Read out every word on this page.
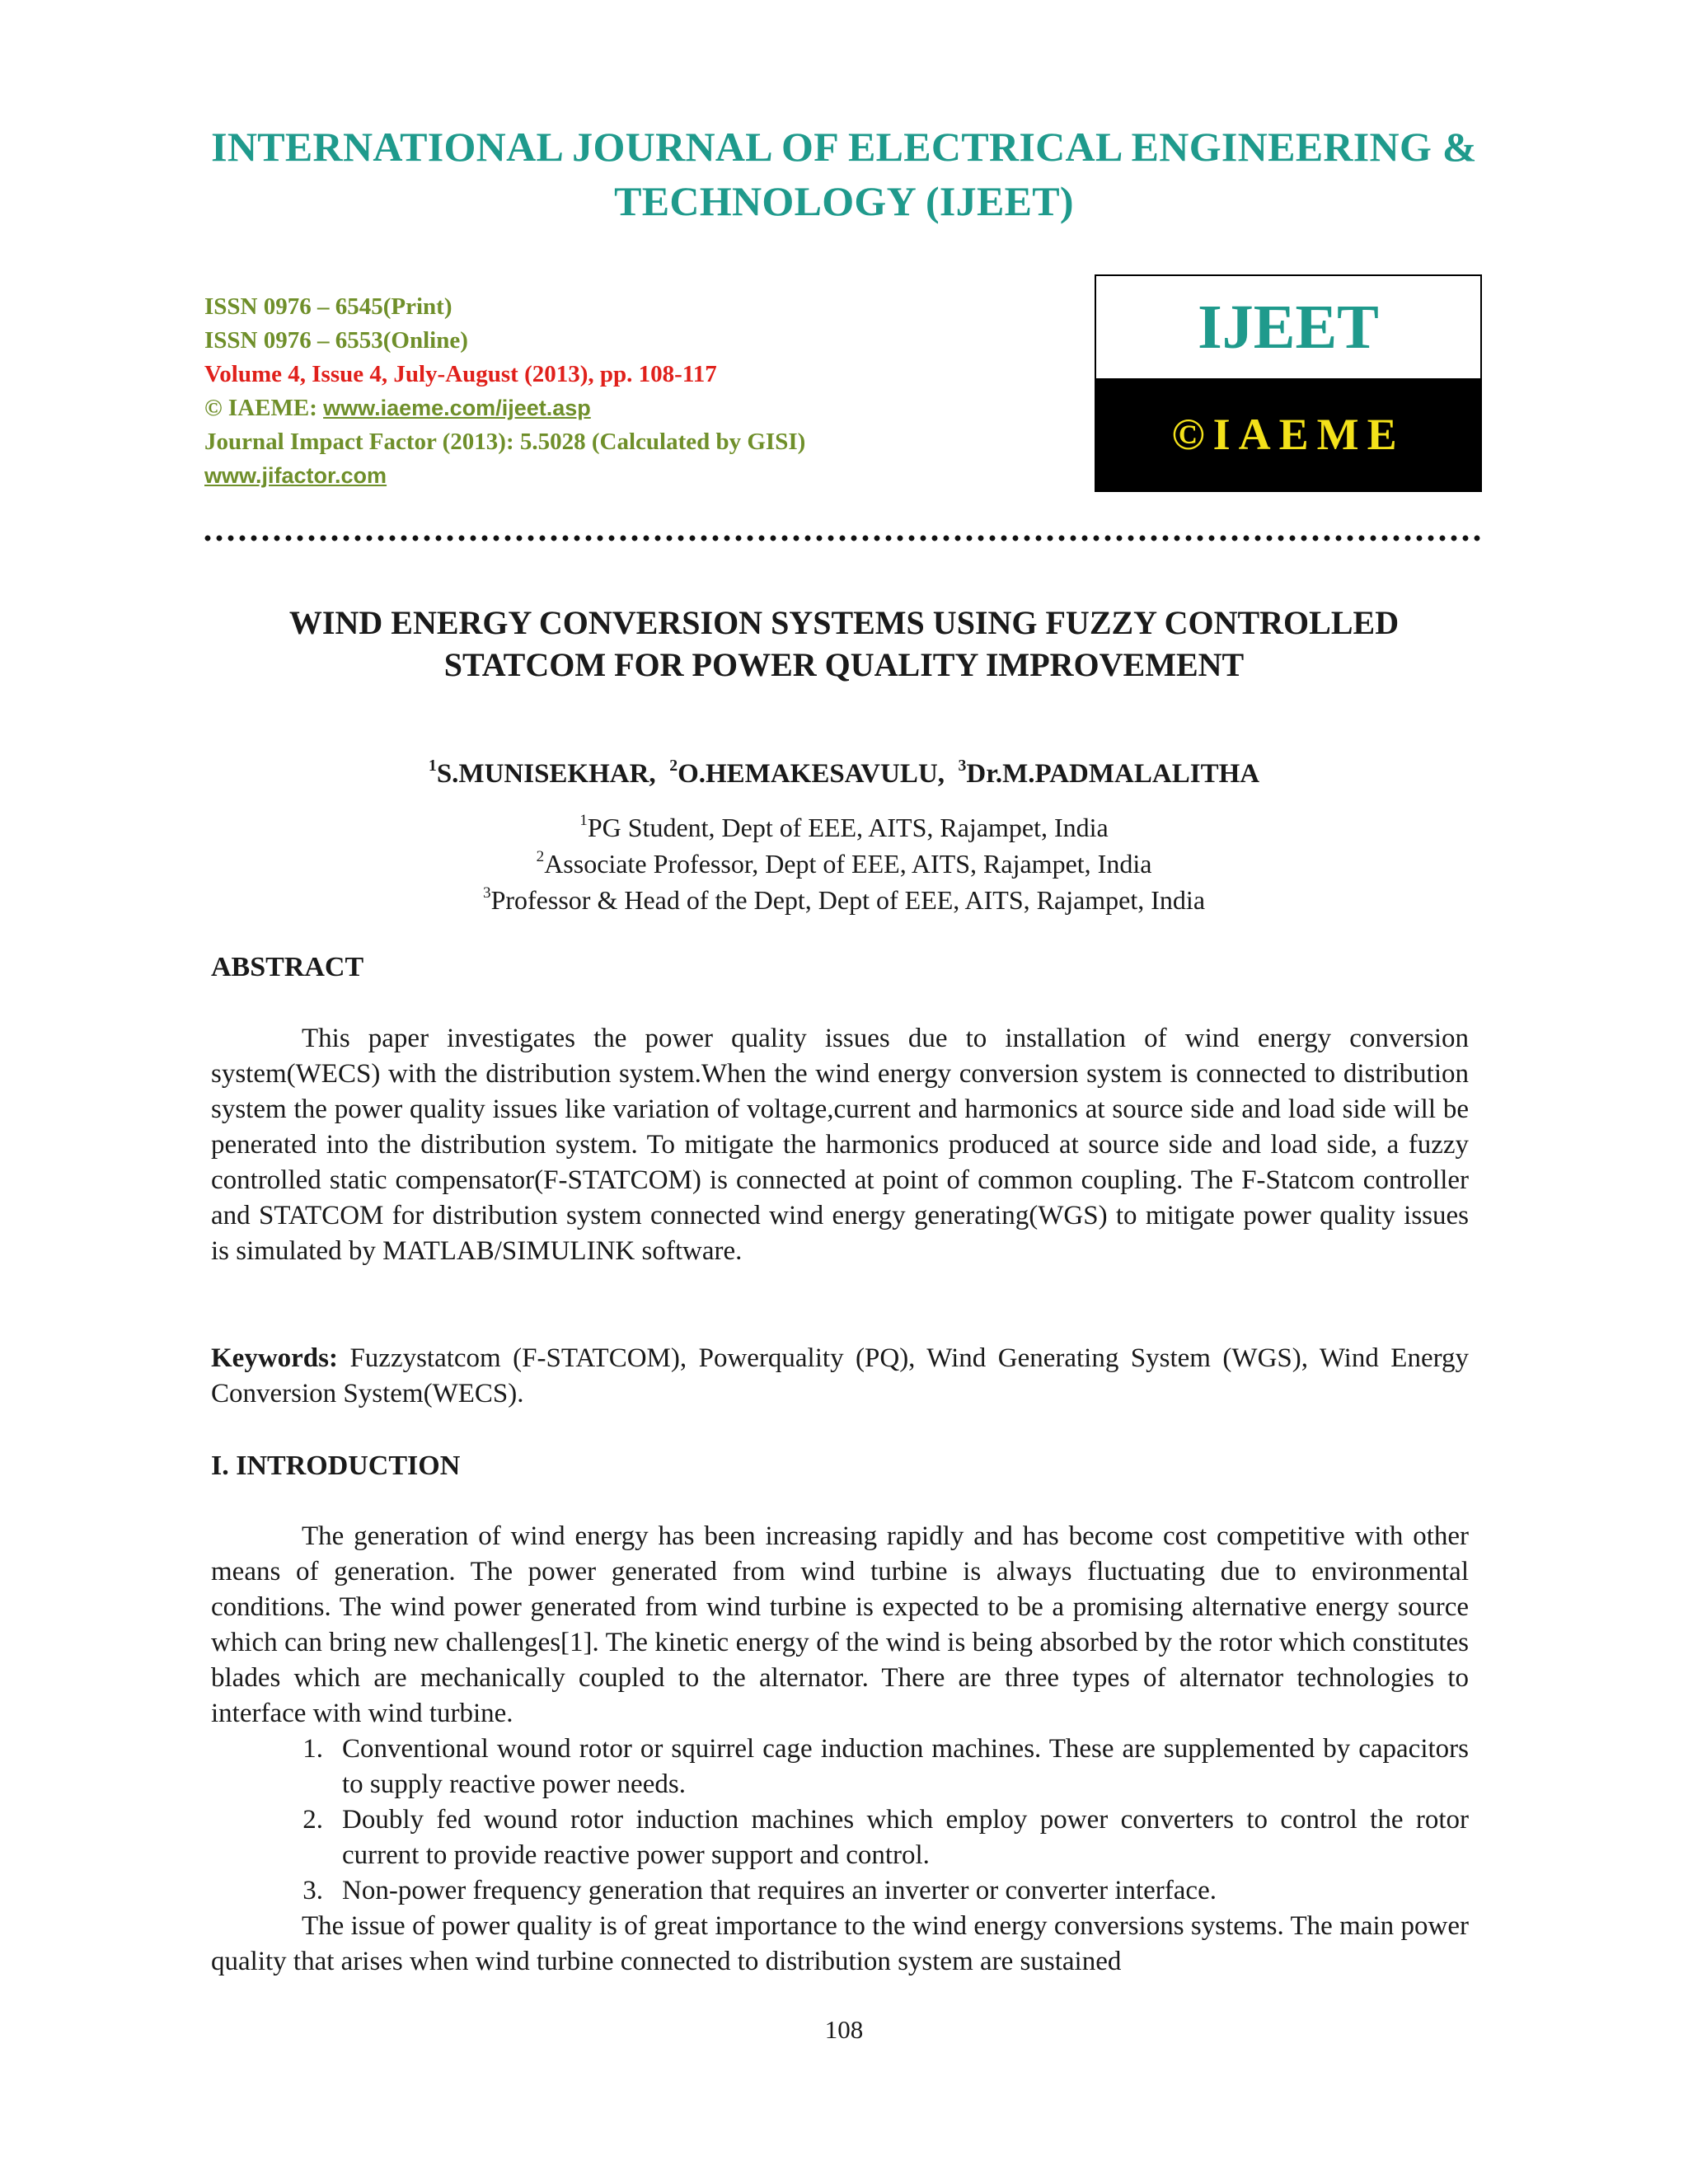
INTERNATIONAL JOURNAL OF ELECTRICAL ENGINEERING &
TECHNOLOGY (IJEET)
ISSN 0976 – 6545(Print)
ISSN 0976 – 6553(Online)
Volume 4, Issue 4, July-August (2013), pp. 108-117
© IAEME: www.iaeme.com/ijeet.asp
Journal Impact Factor (2013): 5.5028 (Calculated by GISI)
www.jifactor.com
IJEET
©IAEME
WIND ENERGY CONVERSION SYSTEMS USING FUZZY CONTROLLED
STATCOM FOR POWER QUALITY IMPROVEMENT
$^1$S.MUNISEKHAR, $^2$O.HEMAKESAVULU, $^3$Dr.M.PADMALALITHA
$^1$PG Student, Dept of EEE, AITS, Rajampet, India
$^2$Associate Professor, Dept of EEE, AITS, Rajampet, India
$^3$Professor & Head of the Dept, Dept of EEE, AITS, Rajampet, India
ABSTRACT

This paper investigates the power quality issues due to installation of wind energy conversion system(WECS) with the distribution system.When the wind energy conversion system is connected to distribution system the power quality issues like variation of voltage,current and harmonics at source side and load side will be penerated into the distribution system. To mitigate the harmonics produced at source side and load side, a fuzzy controlled static compensator(F-STATCOM) is connected at point of common coupling. The F-Statcom controller and STATCOM for distribution system connected wind energy generating(WGS) to mitigate power quality issues is simulated by MATLAB/SIMULINK software.

Keywords: Fuzzystatcom (F-STATCOM), Powerquality (PQ), Wind Generating System (WGS), Wind Energy Conversion System(WECS).

I. INTRODUCTION

The generation of wind energy has been increasing rapidly and has become cost competitive with other means of generation. The power generated from wind turbine is always fluctuating due to environmental conditions. The wind power generated from wind turbine is expected to be a promising alternative energy source which can bring new challenges[1]. The kinetic energy of the wind is being absorbed by the rotor which constitutes blades which are mechanically coupled to the alternator. There are three types of alternator technologies to interface with wind turbine.

1. Conventional wound rotor or squirrel cage induction machines. These are supplemented by capacitors to supply reactive power needs.
2. Doubly fed wound rotor induction machines which employ power converters to control the rotor current to provide reactive power support and control.
3. Non-power frequency generation that requires an inverter or converter interface.

The issue of power quality is of great importance to the wind energy conversions systems. The main power quality that arises when wind turbine connected to distribution system are sustained

108
